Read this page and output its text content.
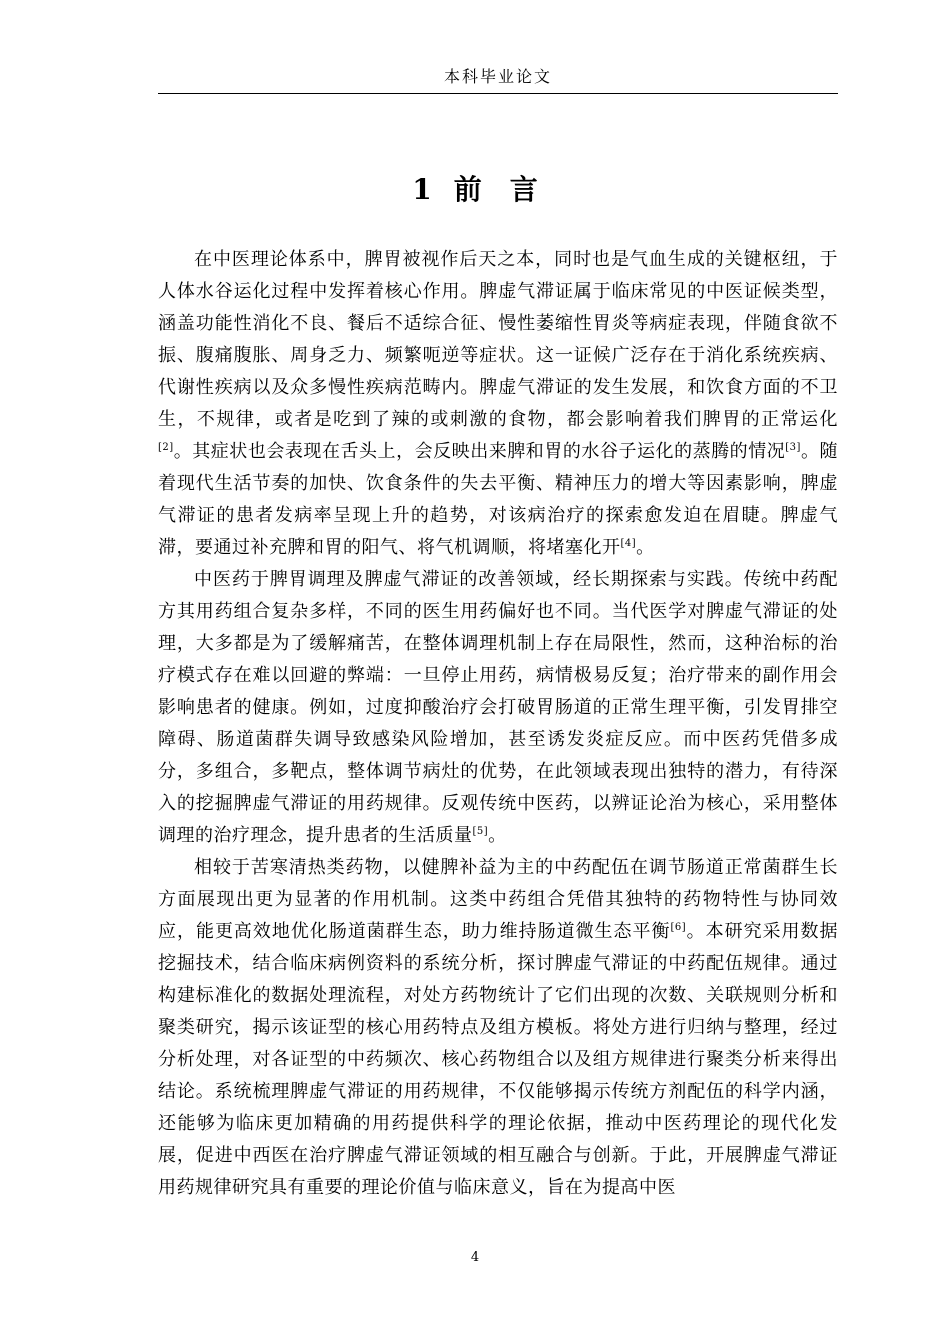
本科毕业论文
1 前 言

在中医理论体系中，脾胃被视作后天之本，同时也是气血生成的关键枢纽，于人体水谷运化过程中发挥着核心作用。脾虚气滞证属于临床常见的中医证候类型，涵盖功能性消化不良、餐后不适综合征、慢性萎缩性胃炎等病症表现，伴随食欲不振、腹痛腹胀、周身乏力、频繁呃逆等症状。这一证候广泛存在于消化系统疾病、代谢性疾病以及众多慢性疾病范畴内。脾虚气滞证的发生发展，和饮食方面的不卫生，不规律，或者是吃到了辣的或刺激的食物，都会影响着我们脾胃的正常运化[2]。其症状也会表现在舌头上，会反映出来脾和胃的水谷子运化的蒸腾的情况[3]。随着现代生活节奏的加快、饮食条件的失去平衡、精神压力的增大等因素影响，脾虚气滞证的患者发病率呈现上升的趋势，对该病治疗的探索愈发迫在眉睫。脾虚气滞，要通过补充脾和胃的阳气、将气机调顺，将堵塞化开[4]。

中医药于脾胃调理及脾虚气滞证的改善领域，经长期探索与实践。传统中药配方其用药组合复杂多样，不同的医生用药偏好也不同。当代医学对脾虚气滞证的处理，大多都是为了缓解痛苦，在整体调理机制上存在局限性，然而，这种治标的治疗模式存在难以回避的弊端：一旦停止用药，病情极易反复；治疗带来的副作用会影响患者的健康。例如，过度抑酸治疗会打破胃肠道的正常生理平衡，引发胃排空障碍、肠道菌群失调导致感染风险增加，甚至诱发炎症反应。而中医药凭借多成分，多组合，多靶点，整体调节病灶的优势，在此领域表现出独特的潜力，有待深入的挖掘脾虚气滞证的用药规律。反观传统中医药，以辨证论治为核心，采用整体调理的治疗理念，提升患者的生活质量[5]。

相较于苦寒清热类药物，以健脾补益为主的中药配伍在调节肠道正常菌群生长方面展现出更为显著的作用机制。这类中药组合凭借其独特的药物特性与协同效应，能更高效地优化肠道菌群生态，助力维持肠道微生态平衡[6]。本研究采用数据挖掘技术，结合临床病例资料的系统分析，探讨脾虚气滞证的中药配伍规律。通过构建标准化的数据处理流程，对处方药物统计了它们出现的次数、关联规则分析和聚类研究，揭示该证型的核心用药特点及组方模板。将处方进行归纳与整理，经过分析处理，对各证型的中药频次、核心药物组合以及组方规律进行聚类分析来得出结论。系统梳理脾虚气滞证的用药规律，不仅能够揭示传统方剂配伍的科学内涵，还能够为临床更加精确的用药提供科学的理论依据，推动中医药理论的现代化发展，促进中西医在治疗脾虚气滞证领域的相互融合与创新。于此，开展脾虚气滞证用药规律研究具有重要的理论价值与临床意义，旨在为提高中医

4
